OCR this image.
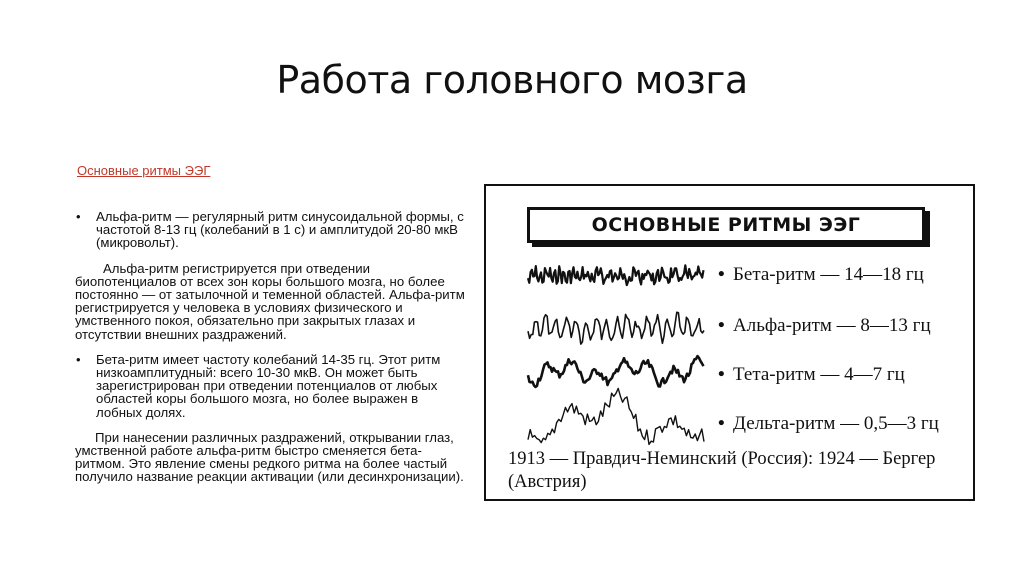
Работа головного мозга
Основные ритмы ЭЭГ
• Альфа-ритм — регулярный ритм синусоидальной формы, с частотой 8-13 гц (колебаний в 1 с) и амплитудой 20-80 мкВ (микровольт).
Альфа-ритм регистрируется при отведении биопотенциалов от всех зон коры большого мозга, но более постоянно — от затылочной и теменной областей. Альфа-ритм регистрируется у человека в условиях физического и умственного покоя, обязательно при закрытых глазах и отсутствии внешних раздражений.
• Бета-ритм имеет частоту колебаний 14-35 гц. Этот ритм низкоамплитудный: всего 10-30 мкВ. Он может быть зарегистрирован при отведении потенциалов от любых областей коры большого мозга, но более выражен в лобных долях.
При нанесении различных раздражений, открывании глаз, умственной работе альфа-ритм быстро сменяется бета-ритмом. Это явление смены редкого ритма на более частый получило название реакции активации (или десинхронизации).
ОСНОВНЫЕ РИТМЫ ЭЭГ
• Бета-ритм — 14—18 гц
• Альфа-ритм — 8—13 гц
• Тета-ритм — 4—7 гц
• Дельта-ритм — 0,5—3 гц
1913 — Правдич-Неминский (Россия): 1924 — Бергер (Австрия)
